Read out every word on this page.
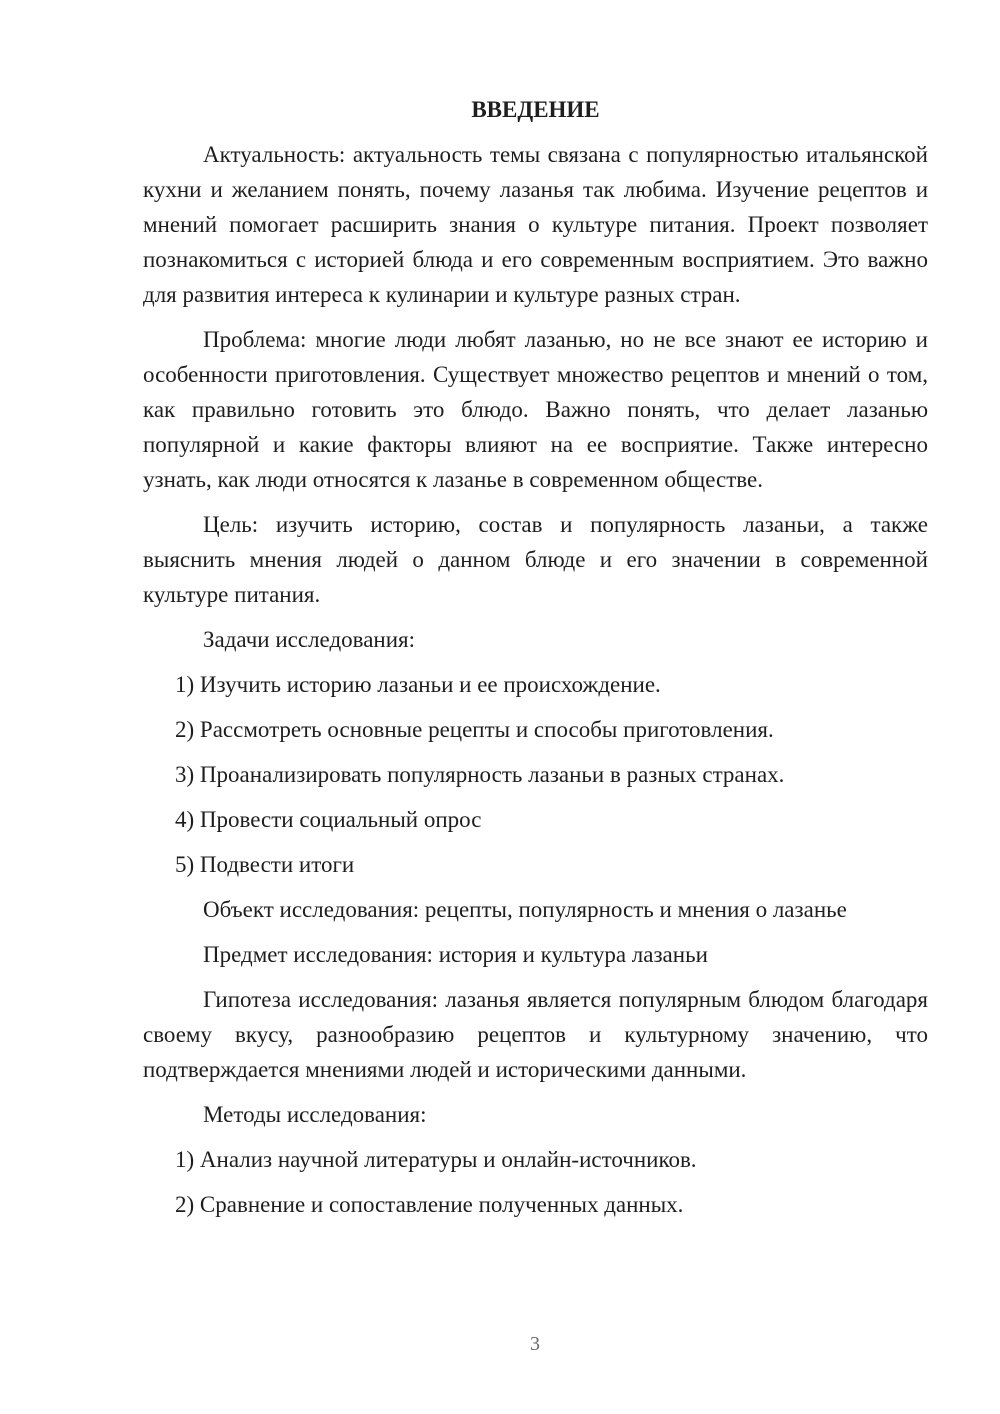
ВВЕДЕНИЕ

Актуальность: актуальность темы связана с популярностью итальянской кухни и желанием понять, почему лазанья так любима. Изучение рецептов и мнений помогает расширить знания о культуре питания. Проект позволяет познакомиться с историей блюда и его современным восприятием. Это важно для развития интереса к кулинарии и культуре разных стран.

Проблема: многие люди любят лазанью, но не все знают ее историю и особенности приготовления. Существует множество рецептов и мнений о том, как правильно готовить это блюдо. Важно понять, что делает лазанью популярной и какие факторы влияют на ее восприятие. Также интересно узнать, как люди относятся к лазанье в современном обществе.

Цель: изучить историю, состав и популярность лазаньи, а также выяснить мнения людей о данном блюде и его значении в современной культуре питания.

Задачи исследования:

1) Изучить историю лазаньи и ее происхождение.
2) Рассмотреть основные рецепты и способы приготовления.
3) Проанализировать популярность лазаньи в разных странах.
4) Провести социальный опрос
5) Подвести итоги

Объект исследования: рецепты, популярность и мнения о лазанье

Предмет исследования: история и культура лазаньи

Гипотеза исследования: лазанья является популярным блюдом благодаря своему вкусу, разнообразию рецептов и культурному значению, что подтверждается мнениями людей и историческими данными.

Методы исследования:

1) Анализ научной литературы и онлайн-источников.
2) Сравнение и сопоставление полученных данных.
3
